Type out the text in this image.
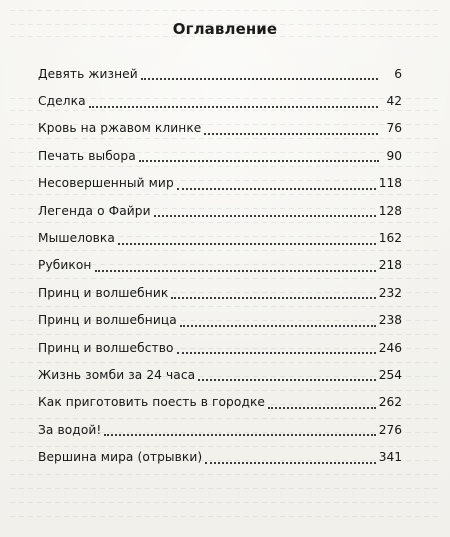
Оглавление
Девять жизней	6
Сделка	42
Кровь на ржавом клинке	76
Печать выбора	90
Несовершенный мир	118
Легенда о Файри	128
Мышеловка	162
Рубикон	218
Принц и волшебник	232
Принц и волшебница	238
Принц и волшебство	246
Жизнь зомби за 24 часа	254
Как приготовить поесть в городке	262
За водой!	276
Вершина мира (отрывки)	341
